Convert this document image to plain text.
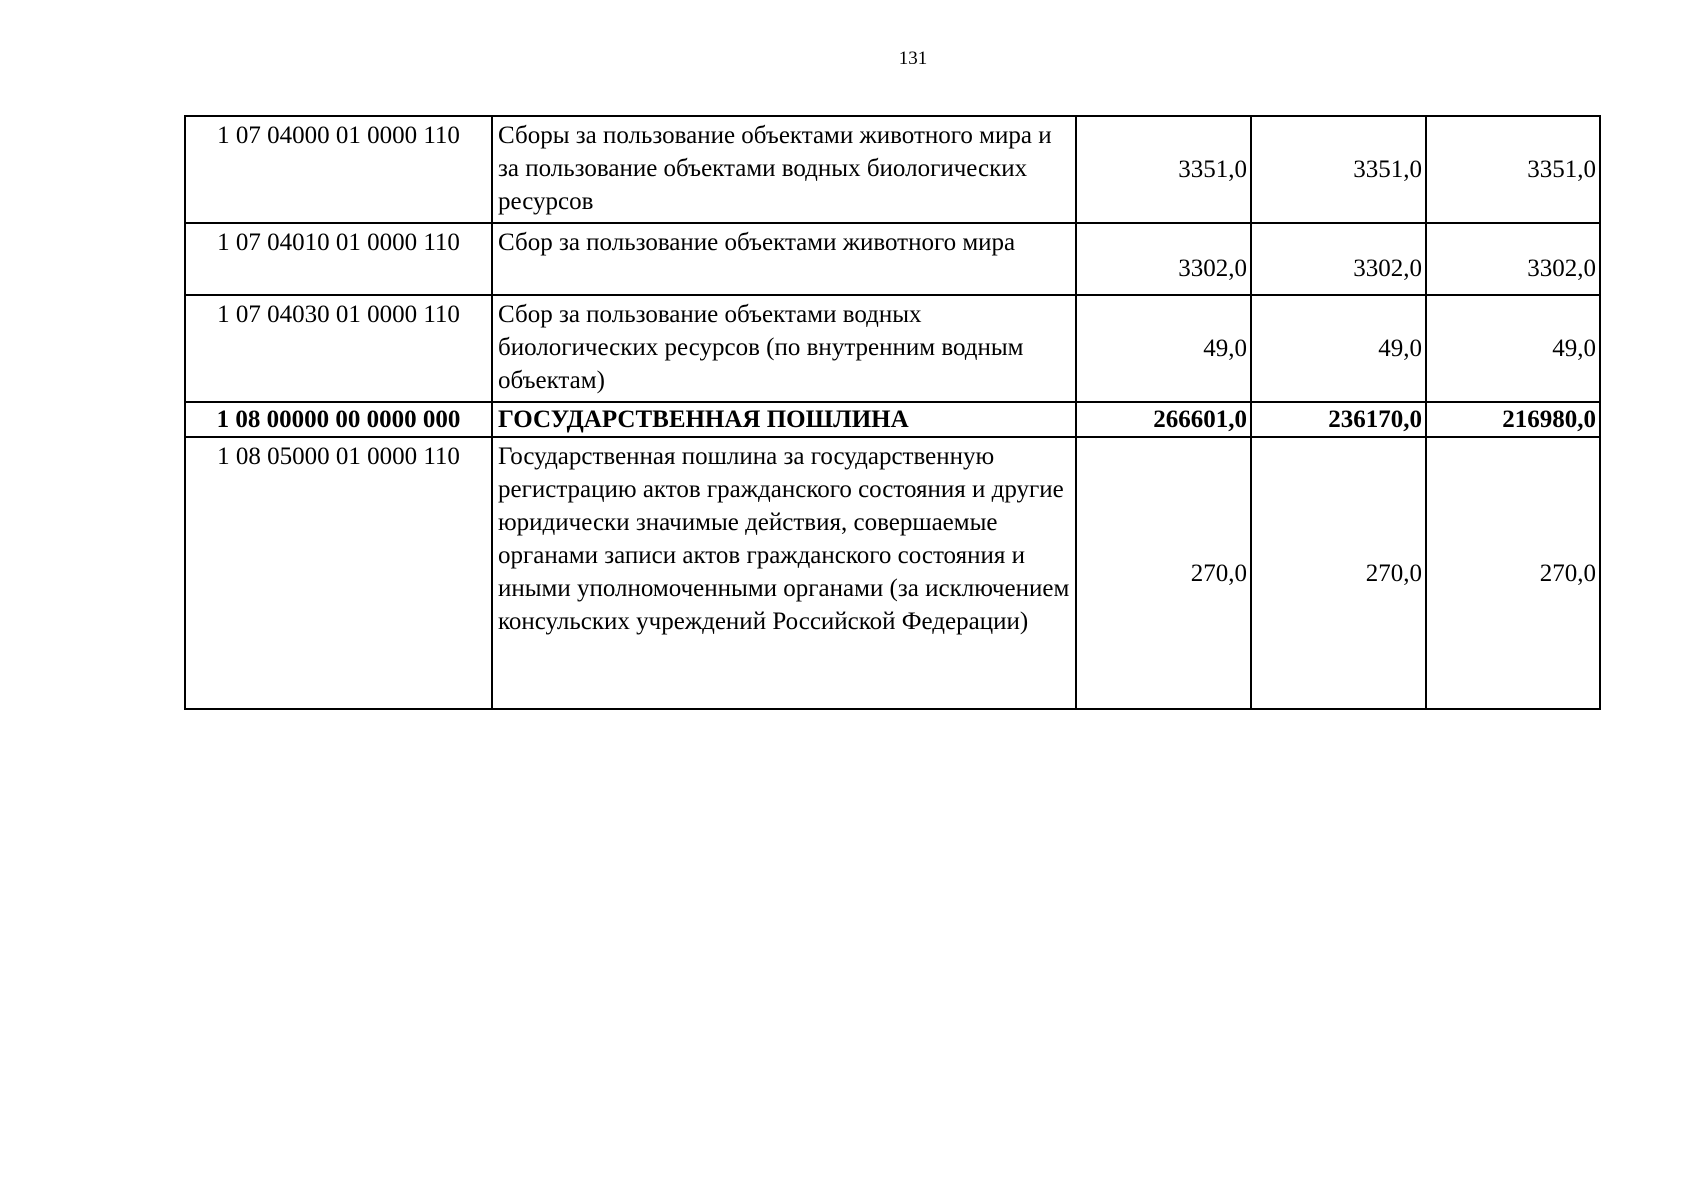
131
1 07 04000 01 0000 110	Сборы за пользование объектами животного мира и за пользование объектами водных биологических ресурсов	3351,0	3351,0	3351,0
1 07 04010 01 0000 110	Сбор за пользование объектами животного мира	3302,0	3302,0	3302,0
1 07 04030 01 0000 110	Сбор за пользование объектами водных биологических ресурсов (по внутренним водным объектам)	49,0	49,0	49,0
1 08 00000 00 0000 000	ГОСУДАРСТВЕННАЯ ПОШЛИНА	266601,0	236170,0	216980,0
1 08 05000 01 0000 110	Государственная пошлина за государственную регистрацию актов гражданского состояния и другие юридически значимые действия, совершаемые органами записи актов гражданского состояния и иными уполномоченными органами (за исключением консульских учреждений Российской Федерации)	270,0	270,0	270,0
